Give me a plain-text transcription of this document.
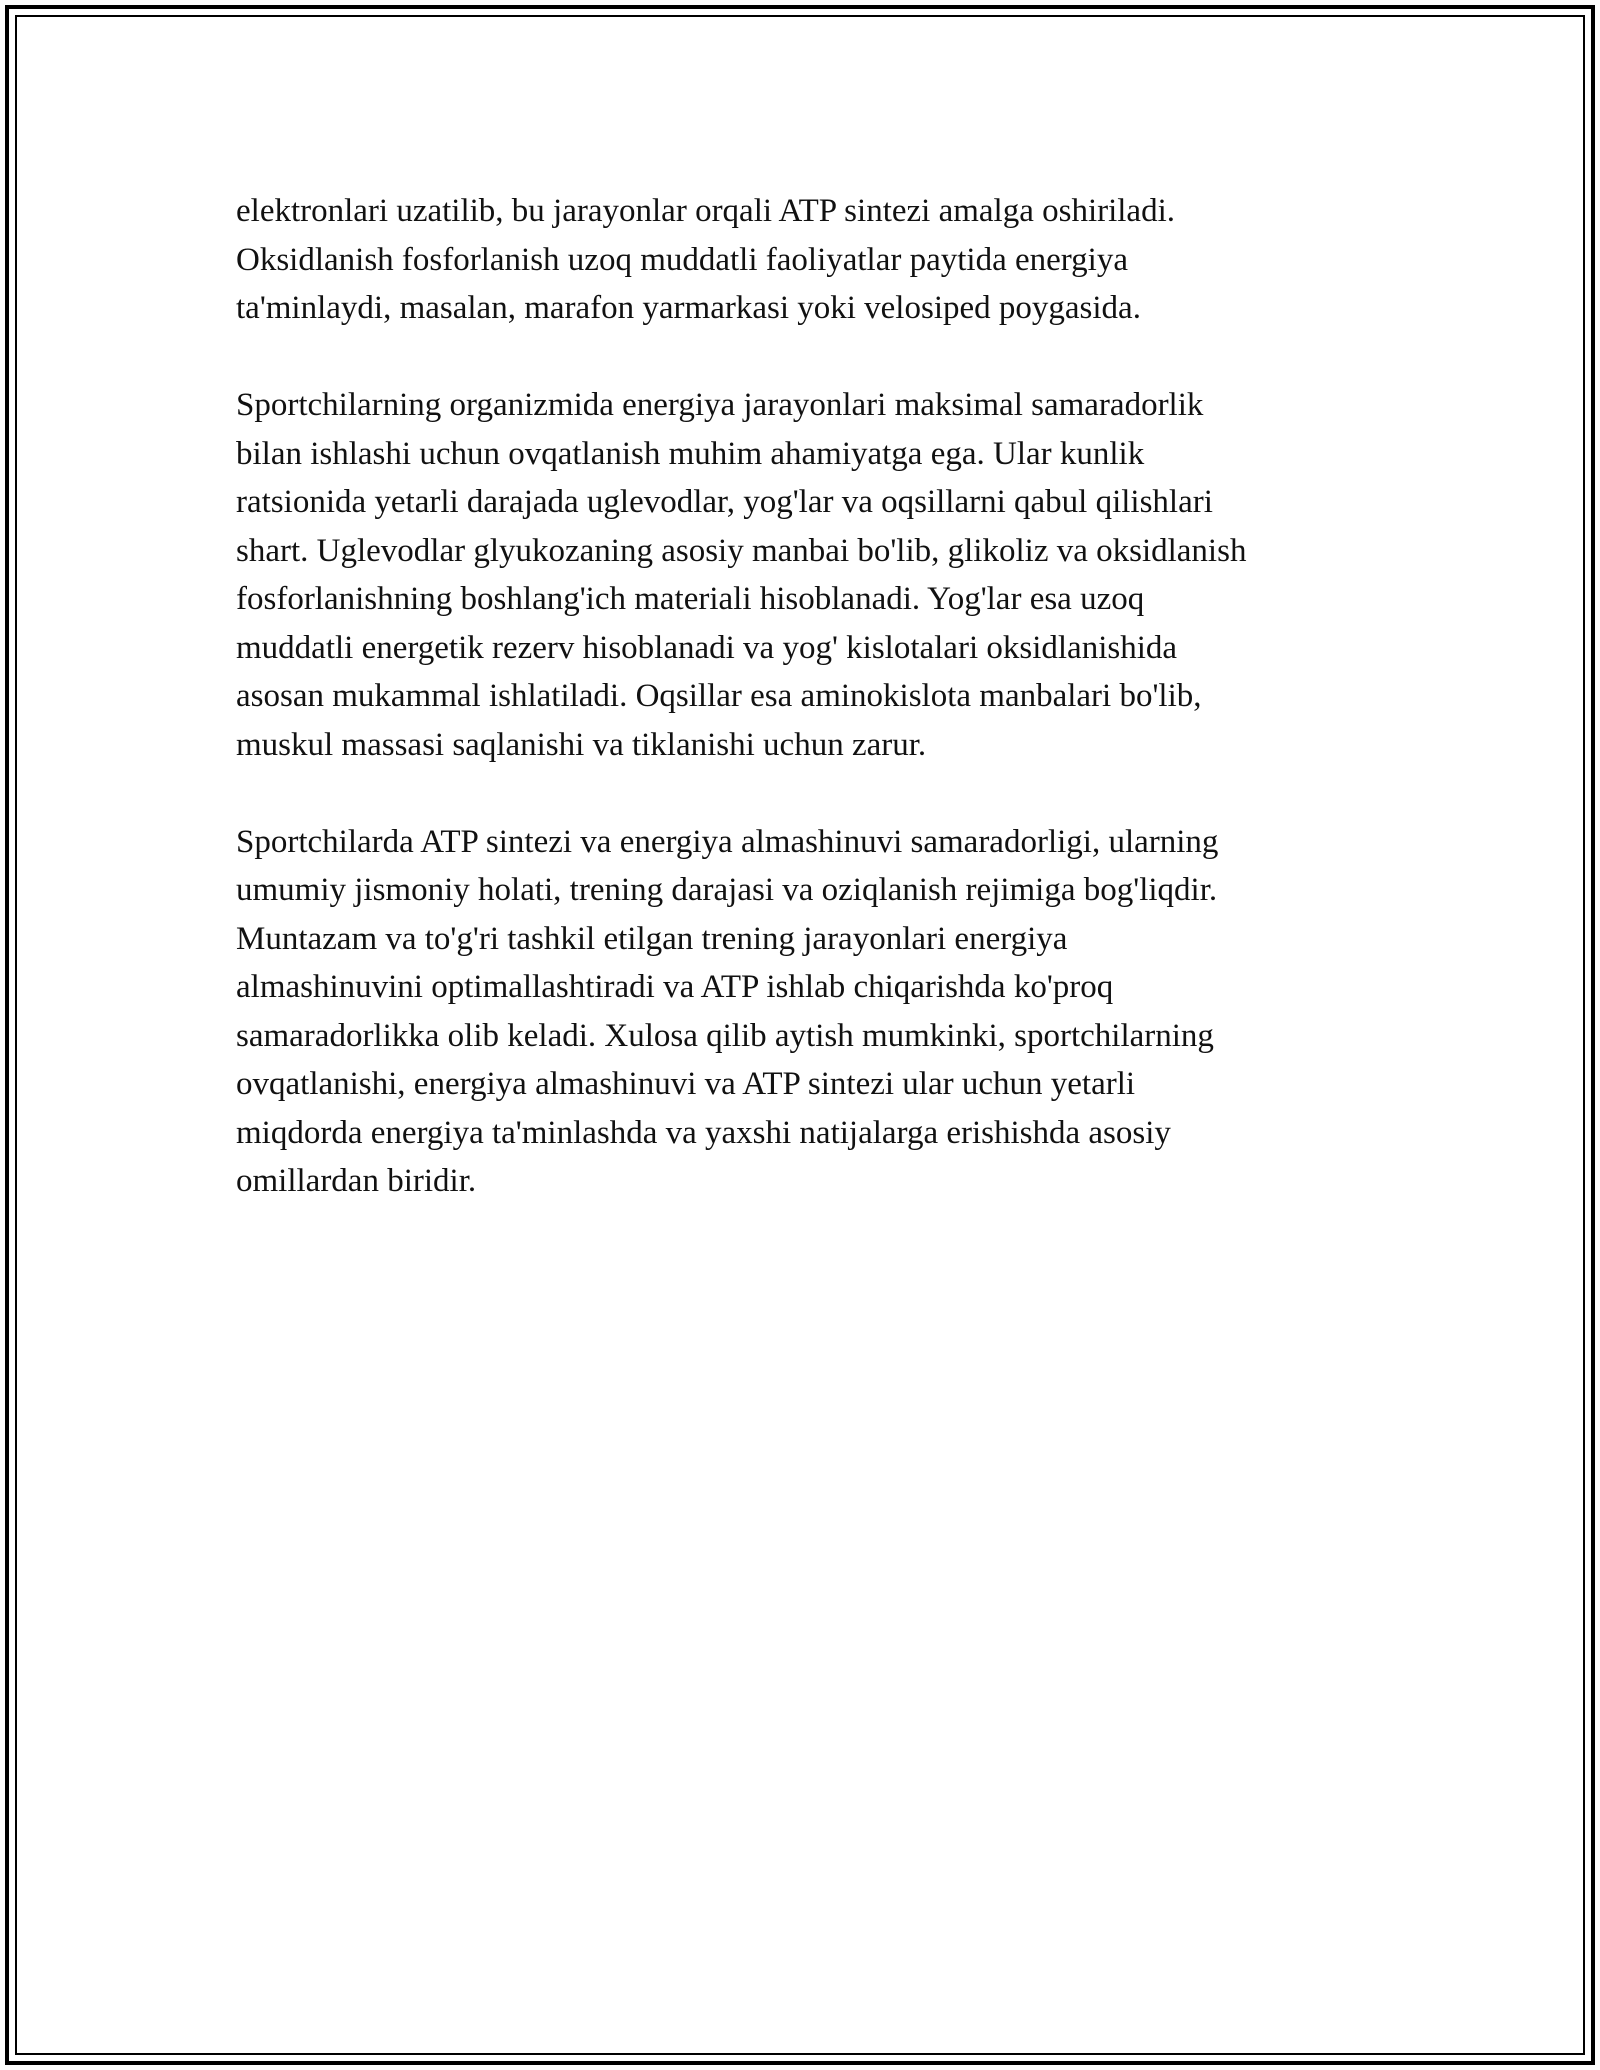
elektronlari uzatilib, bu jarayonlar orqali ATP sintezi amalga oshiriladi.
Oksidlanish fosforlanish uzoq muddatli faoliyatlar paytida energiya
ta'minlaydi, masalan, marafon yarmarkasi yoki velosiped poygasida.

Sportchilarning organizmida energiya jarayonlari maksimal samaradorlik
bilan ishlashi uchun ovqatlanish muhim ahamiyatga ega. Ular kunlik
ratsionida yetarli darajada uglevodlar, yog'lar va oqsillarni qabul qilishlari
shart. Uglevodlar glyukozaning asosiy manbai bo'lib, glikoliz va oksidlanish
fosforlanishning boshlang'ich materiali hisoblanadi. Yog'lar esa uzoq
muddatli energetik rezerv hisoblanadi va yog' kislotalari oksidlanishida
asosan mukammal ishlatiladi. Oqsillar esa aminokislota manbalari bo'lib,
muskul massasi saqlanishi va tiklanishi uchun zarur.

Sportchilarda ATP sintezi va energiya almashinuvi samaradorligi, ularning
umumiy jismoniy holati, trening darajasi va oziqlanish rejimiga bog'liqdir.
Muntazam va to'g'ri tashkil etilgan trening jarayonlari energiya
almashinuvini optimallashtiradi va ATP ishlab chiqarishda ko'proq
samaradorlikka olib keladi. Xulosa qilib aytish mumkinki, sportchilarning
ovqatlanishi, energiya almashinuvi va ATP sintezi ular uchun yetarli
miqdorda energiya ta'minlashda va yaxshi natijalarga erishishda asosiy
omillardan biridir.
